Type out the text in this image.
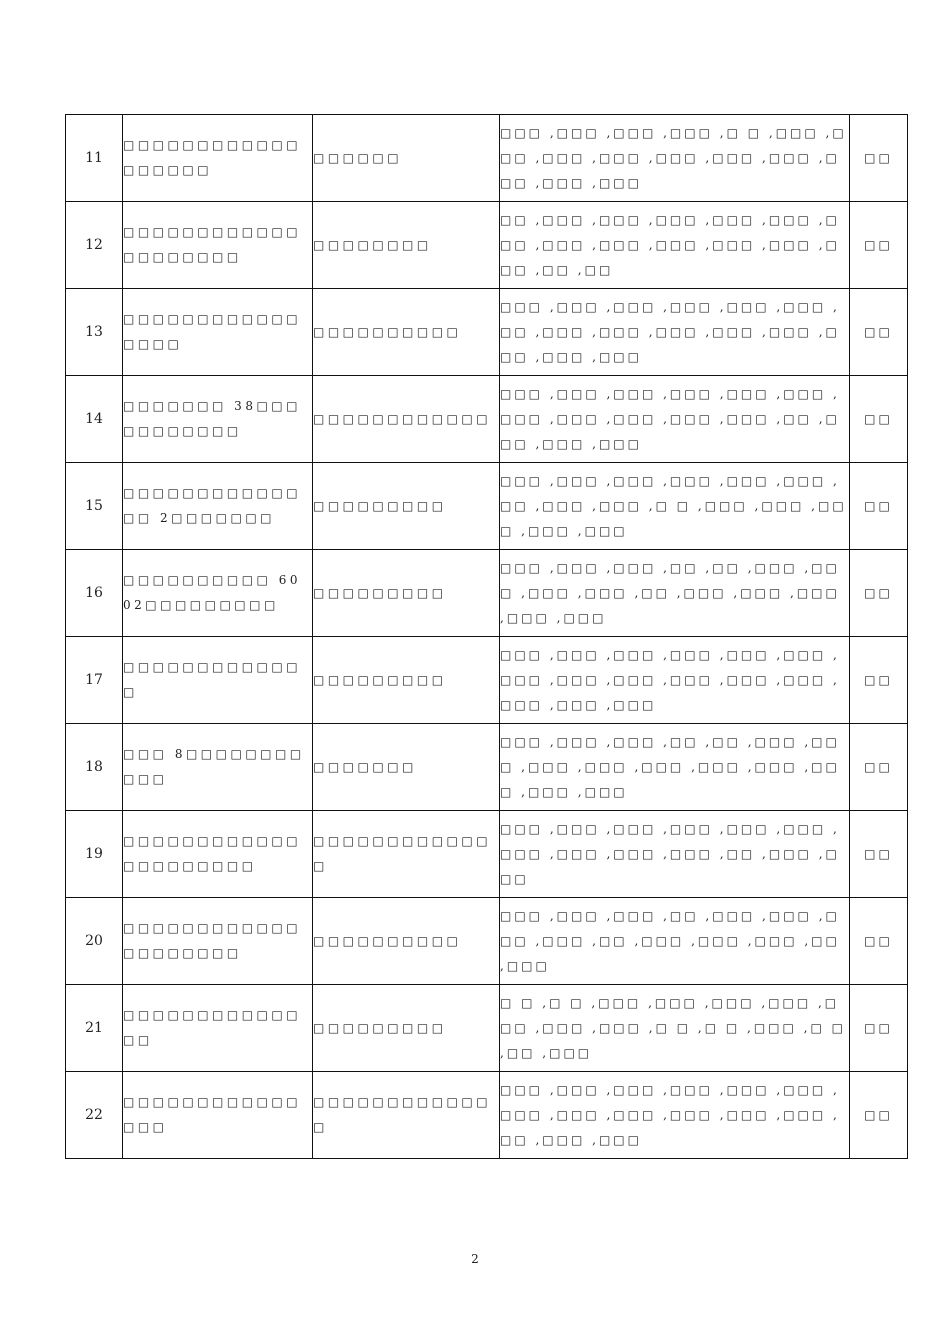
11	□□□□□□□□□□□□□□□□□□	□□□□□□	□□□ ,□□□ ,□□□ ,□□□ ,□ □ ,□□□ ,□□□ ,□□□ ,□□□ ,□□□ ,□□□ ,□□□ ,□□□ ,□□□ ,□□□	□□
12	□□□□□□□□□□□□□□□□□□□□	□□□□□□□□	□□ ,□□□ ,□□□ ,□□□ ,□□□ ,□□□ ,□□□ ,□□□ ,□□□ ,□□□ ,□□□ ,□□□ ,□□□ ,□□ ,□□	□□
13	□□□□□□□□□□□□□□□□	□□□□□□□□□□	□□□ ,□□□ ,□□□ ,□□□ ,□□□ ,□□□ ,□□ ,□□□ ,□□□ ,□□□ ,□□□ ,□□□ ,□□□ ,□□□ ,□□□	□□
14	□□□□□□□ 38□□□□□□□□□□□	□□□□□□□□□□□□	□□□ ,□□□ ,□□□ ,□□□ ,□□□ ,□□□ ,□□□ ,□□□ ,□□□ ,□□□ ,□□□ ,□□ ,□□□ ,□□□ ,□□□	□□
15	□□□□□□□□□□□□□□ 2□□□□□□□	□□□□□□□□□	□□□ ,□□□ ,□□□ ,□□□ ,□□□ ,□□□ ,□□ ,□□□ ,□□□ ,□ □ ,□□□ ,□□□ ,□□□ ,□□□ ,□□□	□□
16	□□□□□□□□□□ 6002□□□□□□□□□	□□□□□□□□□	□□□ ,□□□ ,□□□ ,□□ ,□□ ,□□□ ,□□□ ,□□□ ,□□□ ,□□ ,□□□ ,□□□ ,□□□ ,□□□ ,□□□	□□
17	□□□□□□□□□□□□□	□□□□□□□□□	□□□ ,□□□ ,□□□ ,□□□ ,□□□ ,□□□ ,□□□ ,□□□ ,□□□ ,□□□ ,□□□ ,□□□ ,□□□ ,□□□ ,□□□	□□
18	□□□ 8□□□□□□□□□□□	□□□□□□□	□□□ ,□□□ ,□□□ ,□□ ,□□ ,□□□ ,□□□ ,□□□ ,□□□ ,□□□ ,□□□ ,□□□ ,□□□ ,□□□ ,□□□	□□
19	□□□□□□□□□□□□□□□□□□□□□	□□□□□□□□□□□□□	□□□ ,□□□ ,□□□ ,□□□ ,□□□ ,□□□ ,□□□ ,□□□ ,□□□ ,□□□ ,□□ ,□□□ ,□□□	□□
20	□□□□□□□□□□□□□□□□□□□□	□□□□□□□□□□	□□□ ,□□□ ,□□□ ,□□ ,□□□ ,□□□ ,□□□ ,□□□ ,□□ ,□□□ ,□□□ ,□□□ ,□□ ,□□□	□□
21	□□□□□□□□□□□□□□	□□□□□□□□□	□ □ ,□ □ ,□□□ ,□□□ ,□□□ ,□□□ ,□□□ ,□□□ ,□□□ ,□ □ ,□ □ ,□□□ ,□ □ ,□□ ,□□□	□□
22	□□□□□□□□□□□□□□□	□□□□□□□□□□□□□	□□□ ,□□□ ,□□□ ,□□□ ,□□□ ,□□□ ,□□□ ,□□□ ,□□□ ,□□□ ,□□□ ,□□□ ,□□ ,□□□ ,□□□	□□
2
